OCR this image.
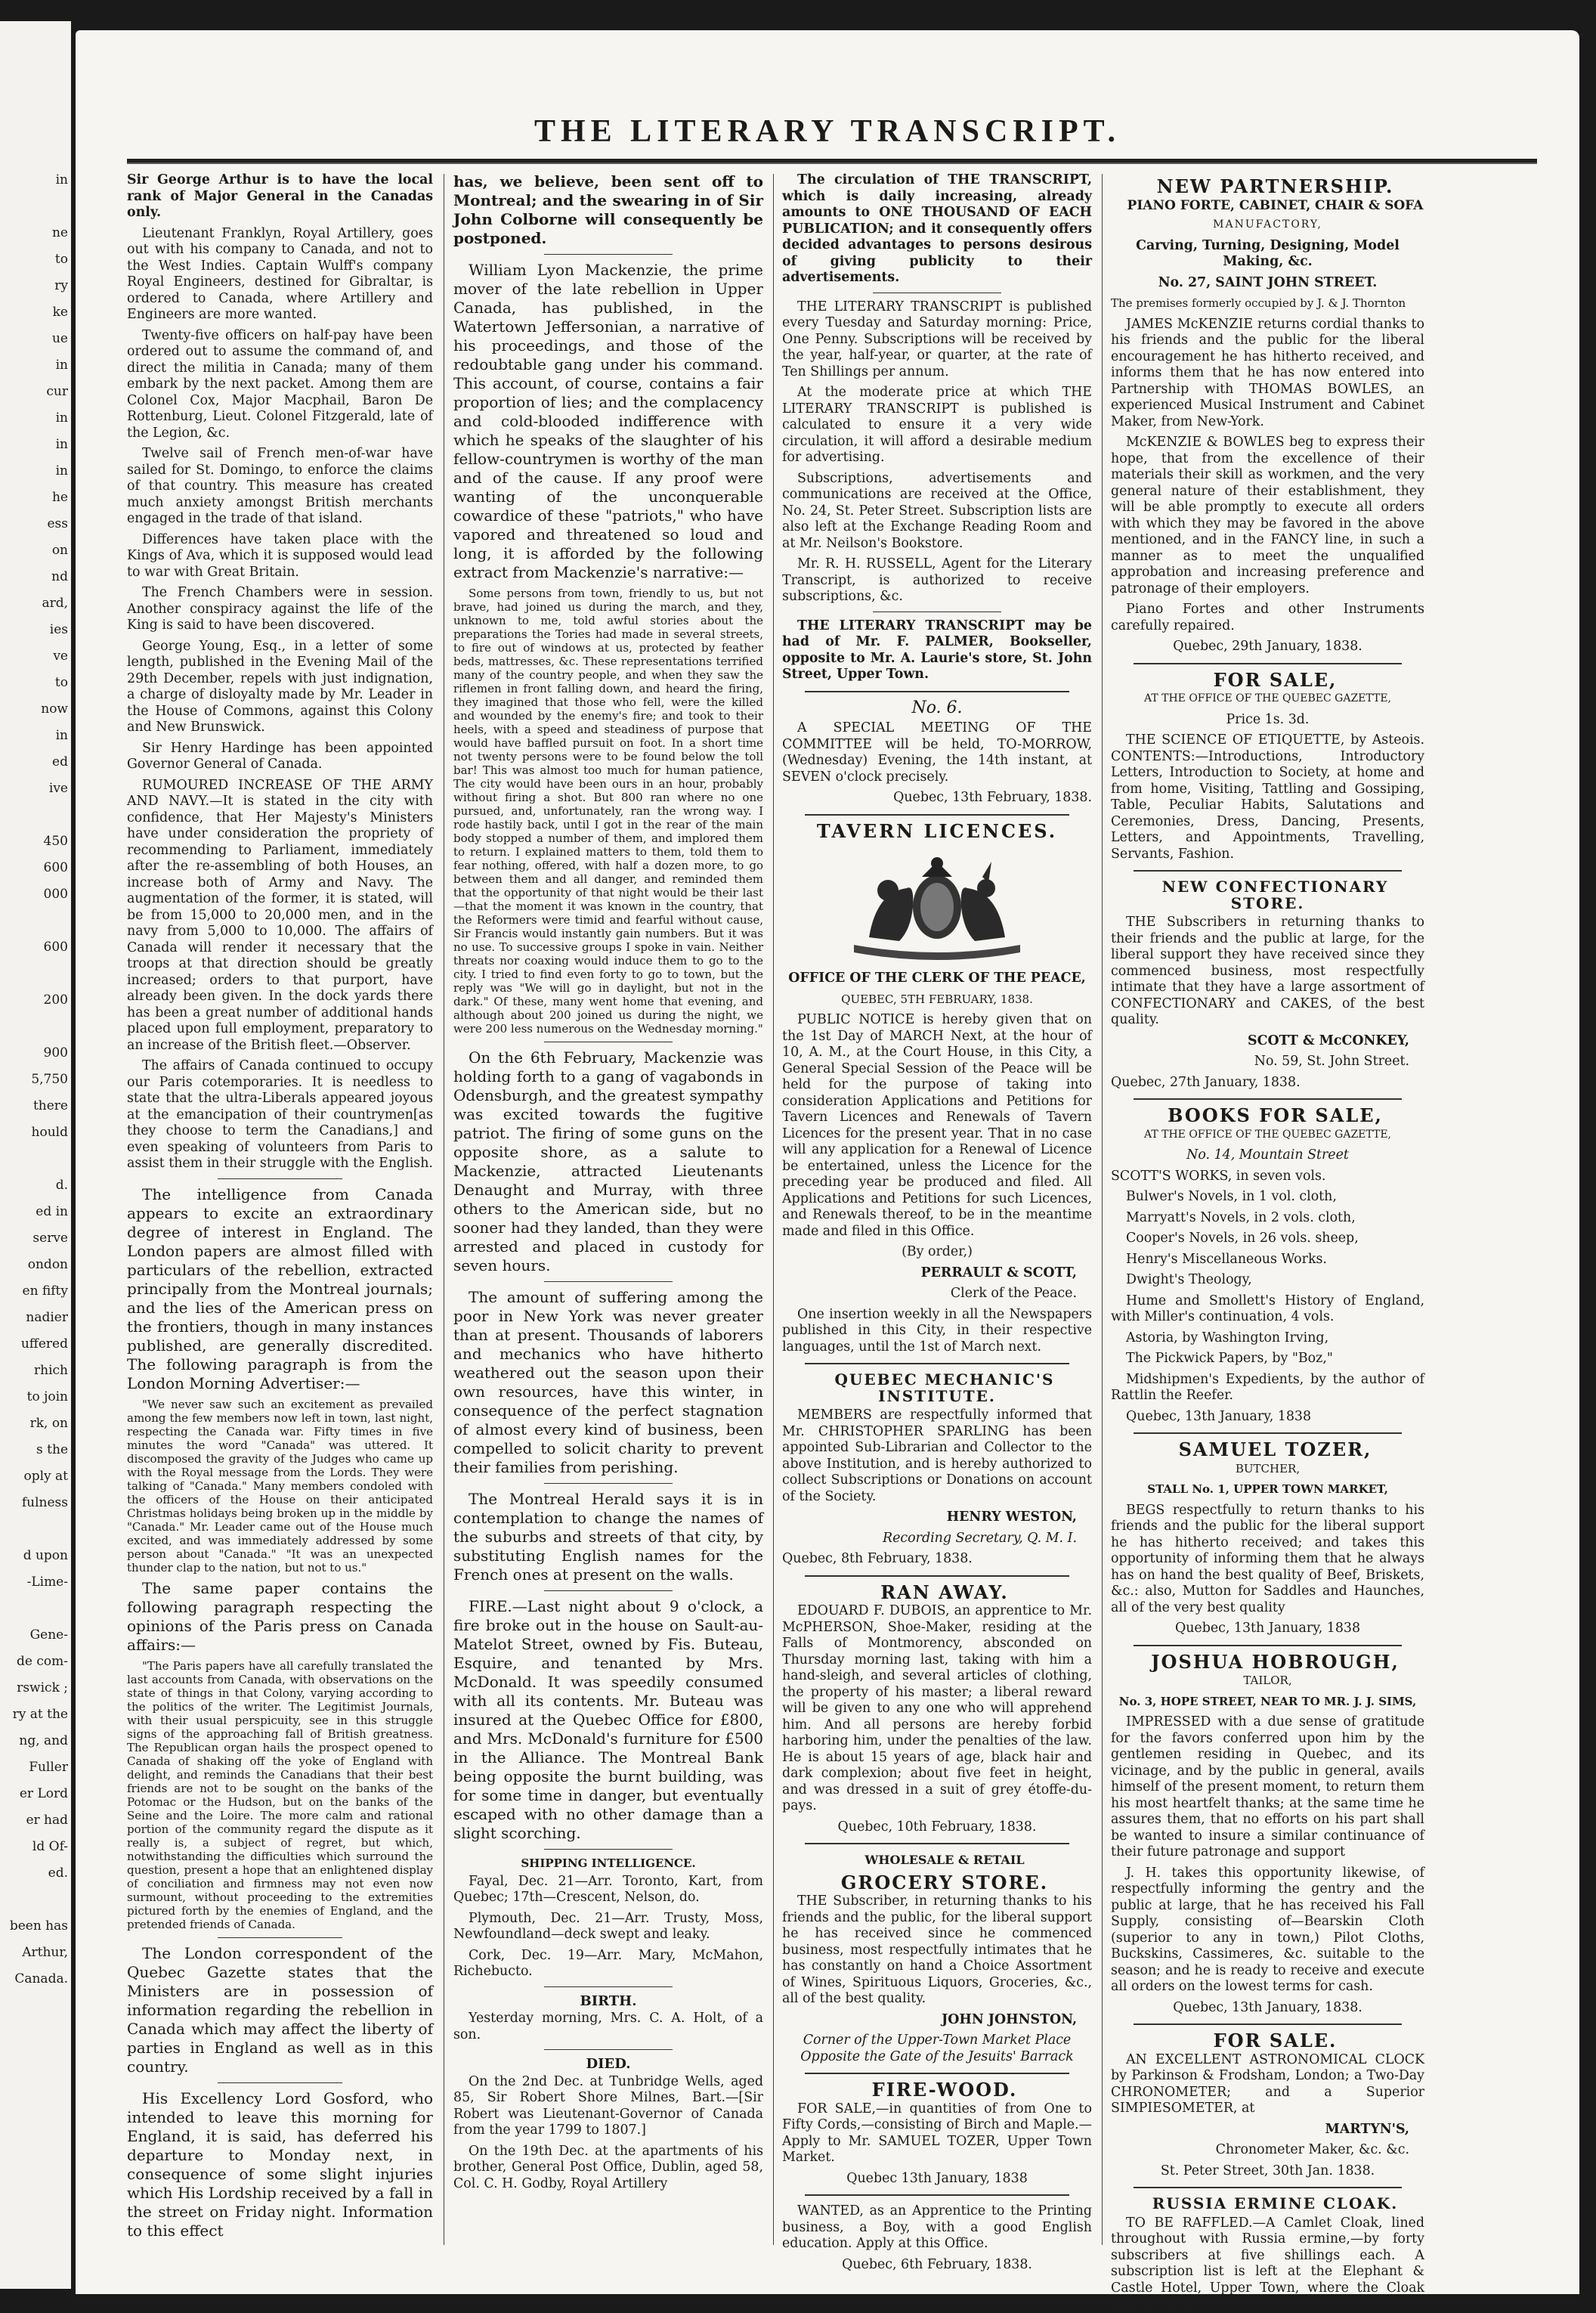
in
ne
to
ry
ke
ue
in
cur
in
in
in
he
ess
on
nd
ard,
ies
ve
to
now
in
ed
ive
450
600
000
600
200
900
5,750
there
hould
d.
ed in
serve
ondon
en fifty
nadier
uffered
rhich
to join
rk, on
s the
oply at
fulness
d upon
-Lime-
Gene-
de com-
rswick ;
ry at the
ng, and
Fuller
er Lord
er had
ld Of-
ed.
been has
Arthur,
Canada.
THE LITERARY TRANSCRIPT.

Sir George Arthur is to have the local rank of Major General in the Canadas only.

Lieutenant Franklyn, Royal Artillery, goes out with his company to Canada, and not to the West Indies. Captain Wulff's company Royal Engineers, destined for Gibraltar, is ordered to Canada, where Artillery and Engineers are more wanted.

Twenty-five officers on half-pay have been ordered out to assume the command of, and direct the militia in Canada; many of them embark by the next packet. Among them are Colonel Cox, Major Macphail, Baron De Rottenburg, Lieut. Colonel Fitzgerald, late of the Legion, &c.

Twelve sail of French men-of-war have sailed for St. Domingo, to enforce the claims of that country. This measure has created much anxiety amongst British merchants engaged in the trade of that island.

Differences have taken place with the Kings of Ava, which it is supposed would lead to war with Great Britain.

The French Chambers were in session. Another conspiracy against the life of the King is said to have been discovered.

George Young, Esq., in a letter of some length, published in the Evening Mail of the 29th December, repels with just indignation, a charge of disloyalty made by Mr. Leader in the House of Commons, against this Colony and New Brunswick.

Sir Henry Hardinge has been appointed Governor General of Canada.

RUMOURED INCREASE OF THE ARMY AND NAVY.—It is stated in the city with confidence, that Her Majesty's Ministers have under consideration the propriety of recommending to Parliament, immediately after the re-assembling of both Houses, an increase both of Army and Navy. The augmentation of the former, it is stated, will be from 15,000 to 20,000 men, and in the navy from 5,000 to 10,000. The affairs of Canada will render it necessary that the troops at that direction should be greatly increased; orders to that purport, have already been given. In the dock yards there has been a great number of additional hands placed upon full employment, preparatory to an increase of the British fleet.—Observer.

The affairs of Canada continued to occupy our Paris cotemporaries. It is needless to state that the ultra-Liberals appeared joyous at the emancipation of their countrymen[as they choose to term the Canadians,] and even speaking of volunteers from Paris to assist them in their struggle with the English.

The intelligence from Canada appears to excite an extraordinary degree of interest in England. The London papers are almost filled with particulars of the rebellion, extracted principally from the Montreal journals; and the lies of the American press on the frontiers, though in many instances published, are generally discredited. The following paragraph is from the London Morning Advertiser:—

"We never saw such an excitement as prevailed among the few members now left in town, last night, respecting the Canada war. Fifty times in five minutes the word "Canada" was uttered. It discomposed the gravity of the Judges who came up with the Royal message from the Lords. They were talking of "Canada." Many members condoled with the officers of the House on their anticipated Christmas holidays being broken up in the middle by "Canada." Mr. Leader came out of the House much excited, and was immediately addressed by some person about "Canada." "It was an unexpected thunder clap to the nation, but not to us."

The same paper contains the following paragraph respecting the opinions of the Paris press on Canada affairs:—

"The Paris papers have all carefully translated the last accounts from Canada, with observations on the state of things in that Colony, varying according to the politics of the writer. The Legitimist Journals, with their usual perspicuity, see in this struggle signs of the approaching fall of British greatness. The Republican organ hails the prospect opened to Canada of shaking off the yoke of England with delight, and reminds the Canadians that their best friends are not to be sought on the banks of the Potomac or the Hudson, but on the banks of the Seine and the Loire. The more calm and rational portion of the community regard the dispute as it really is, a subject of regret, but which, notwithstanding the difficulties which surround the question, present a hope that an enlightened display of conciliation and firmness may not even now surmount, without proceeding to the extremities pictured forth by the enemies of England, and the pretended friends of Canada.

The London correspondent of the Quebec Gazette states that the Ministers are in possession of information regarding the rebellion in Canada which may affect the liberty of parties in England as well as in this country.

His Excellency Lord Gosford, who intended to leave this morning for England, it is said, has deferred his departure to Monday next, in consequence of some slight injuries which His Lordship received by a fall in the street on Friday night. Information to this effect

has, we believe, been sent off to Montreal; and the swearing in of Sir John Colborne will consequently be postponed.

William Lyon Mackenzie, the prime mover of the late rebellion in Upper Canada, has published, in the Watertown Jeffersonian, a narrative of his proceedings, and those of the redoubtable gang under his command. This account, of course, contains a fair proportion of lies; and the complacency and cold-blooded indifference with which he speaks of the slaughter of his fellow-countrymen is worthy of the man and of the cause. If any proof were wanting of the unconquerable cowardice of these "patriots," who have vapored and threatened so loud and long, it is afforded by the following extract from Mackenzie's narrative:—

Some persons from town, friendly to us, but not brave, had joined us during the march, and they, unknown to me, told awful stories about the preparations the Tories had made in several streets, to fire out of windows at us, protected by feather beds, mattresses, &c. These representations terrified many of the country people, and when they saw the riflemen in front falling down, and heard the firing, they imagined that those who fell, were the killed and wounded by the enemy's fire; and took to their heels, with a speed and steadiness of purpose that would have baffled pursuit on foot. In a short time not twenty persons were to be found below the toll bar! This was almost too much for human patience, The city would have been ours in an hour, probably without firing a shot. But 800 ran where no one pursued, and, unfortunately, ran the wrong way. I rode hastily back, until I got in the rear of the main body stopped a number of them, and implored them to return. I explained matters to them, told them to fear nothing, offered, with half a dozen more, to go between them and all danger, and reminded them that the opportunity of that night would be their last—that the moment it was known in the country, that the Reformers were timid and fearful without cause, Sir Francis would instantly gain numbers. But it was no use. To successive groups I spoke in vain. Neither threats nor coaxing would induce them to go to the city. I tried to find even forty to go to town, but the reply was "We will go in daylight, but not in the dark." Of these, many went home that evening, and although about 200 joined us during the night, we were 200 less numerous on the Wednesday morning."

On the 6th February, Mackenzie was holding forth to a gang of vagabonds in Odensburgh, and the greatest sympathy was excited towards the fugitive patriot. The firing of some guns on the opposite shore, as a salute to Mackenzie, attracted Lieutenants Denaught and Murray, with three others to the American side, but no sooner had they landed, than they were arrested and placed in custody for seven hours.

The amount of suffering among the poor in New York was never greater than at present. Thousands of laborers and mechanics who have hitherto weathered out the season upon their own resources, have this winter, in consequence of the perfect stagnation of almost every kind of business, been compelled to solicit charity to prevent their families from perishing.

The Montreal Herald says it is in contemplation to change the names of the suburbs and streets of that city, by substituting English names for the French ones at present on the walls.

FIRE.—Last night about 9 o'clock, a fire broke out in the house on Sault-au-Matelot Street, owned by Fis. Buteau, Esquire, and tenanted by Mrs. McDonald. It was speedily consumed with all its contents. Mr. Buteau was insured at the Quebec Office for £800, and Mrs. McDonald's furniture for £500 in the Alliance. The Montreal Bank being opposite the burnt building, was for some time in danger, but eventually escaped with no other damage than a slight scorching.

SHIPPING INTELLIGENCE.

Fayal, Dec. 21—Arr. Toronto, Kart, from Quebec; 17th—Crescent, Nelson, do.

Plymouth, Dec. 21—Arr. Trusty, Moss, Newfoundland—deck swept and leaky.

Cork, Dec. 19—Arr. Mary, McMahon, Richebucto.

BIRTH.

Yesterday morning, Mrs. C. A. Holt, of a son.

DIED.

On the 2nd Dec. at Tunbridge Wells, aged 85, Sir Robert Shore Milnes, Bart.—[Sir Robert was Lieutenant-Governor of Canada from the year 1799 to 1807.]

On the 19th Dec. at the apartments of his brother, General Post Office, Dublin, aged 58, Col. C. H. Godby, Royal Artillery

The circulation of THE TRANSCRIPT, which is daily increasing, already amounts to ONE THOUSAND OF EACH PUBLICATION; and it consequently offers decided advantages to persons desirous of giving publicity to their advertisements.

THE LITERARY TRANSCRIPT is published every Tuesday and Saturday morning: Price, One Penny. Subscriptions will be received by the year, half-year, or quarter, at the rate of Ten Shillings per annum.

At the moderate price at which THE LITERARY TRANSCRIPT is published is calculated to ensure it a very wide circulation, it will afford a desirable medium for advertising.

Subscriptions, advertisements and communications are received at the Office, No. 24, St. Peter Street. Subscription lists are also left at the Exchange Reading Room and at Mr. Neilson's Bookstore.

Mr. R. H. RUSSELL, Agent for the Literary Transcript, is authorized to receive subscriptions, &c.

THE LITERARY TRANSCRIPT may be had of Mr. F. PALMER, Bookseller, opposite to Mr. A. Laurie's store, St. John Street, Upper Town.

No. 6.

A SPECIAL MEETING OF THE COMMITTEE will be held, TO-MORROW, (Wednesday) Evening, the 14th instant, at SEVEN o'clock precisely.

Quebec, 13th February, 1838.

TAVERN LICENCES.

OFFICE OF THE CLERK OF THE PEACE,

QUEBEC, 5TH FEBRUARY, 1838.

PUBLIC NOTICE is hereby given that on the 1st Day of MARCH Next, at the hour of 10, A. M., at the Court House, in this City, a General Special Session of the Peace will be held for the purpose of taking into consideration Applications and Petitions for Tavern Licences and Renewals of Tavern Licences for the present year. That in no case will any application for a Renewal of Licence be entertained, unless the Licence for the preceding year be produced and filed. All Applications and Petitions for such Licences, and Renewals thereof, to be in the meantime made and filed in this Office.

(By order,)

PERRAULT & SCOTT,

Clerk of the Peace.

One insertion weekly in all the Newspapers published in this City, in their respective languages, until the 1st of March next.

QUEBEC MECHANIC'S INSTITUTE.

MEMBERS are respectfully informed that Mr. CHRISTOPHER SPARLING has been appointed Sub-Librarian and Collector to the above Institution, and is hereby authorized to collect Subscriptions or Donations on account of the Society.

HENRY WESTON,

Recording Secretary, Q. M. I.

Quebec, 8th February, 1838.

RAN AWAY.

EDOUARD F. DUBOIS, an apprentice to Mr. McPHERSON, Shoe-Maker, residing at the Falls of Montmorency, absconded on Thursday morning last, taking with him a hand-sleigh, and several articles of clothing, the property of his master; a liberal reward will be given to any one who will apprehend him. And all persons are hereby forbid harboring him, under the penalties of the law. He is about 15 years of age, black hair and dark complexion; about five feet in height, and was dressed in a suit of grey étoffe-du-pays.

Quebec, 10th February, 1838.

WHOLESALE & RETAIL

GROCERY STORE.

THE Subscriber, in returning thanks to his friends and the public, for the liberal support he has received since he commenced business, most respectfully intimates that he has constantly on hand a Choice Assortment of Wines, Spirituous Liquors, Groceries, &c., all of the best quality.

JOHN JOHNSTON,

Corner of the Upper-Town Market Place Opposite the Gate of the Jesuits' Barrack

FIRE-WOOD.

FOR SALE,—in quantities of from One to Fifty Cords,—consisting of Birch and Maple.—Apply to Mr. SAMUEL TOZER, Upper Town Market.

Quebec 13th January, 1838

WANTED, as an Apprentice to the Printing business, a Boy, with a good English education. Apply at this Office.

Quebec, 6th February, 1838.

NEW PARTNERSHIP.

PIANO FORTE, CABINET, CHAIR & SOFA

MANUFACTORY,

Carving, Turning, Designing, Model Making, &c.

No. 27, SAINT JOHN STREET.

The premises formerly occupied by J. & J. Thornton

JAMES McKENZIE returns cordial thanks to his friends and the public for the liberal encouragement he has hitherto received, and informs them that he has now entered into Partnership with THOMAS BOWLES, an experienced Musical Instrument and Cabinet Maker, from New-York.

McKENZIE & BOWLES beg to express their hope, that from the excellence of their materials their skill as workmen, and the very general nature of their establishment, they will be able promptly to execute all orders with which they may be favored in the above mentioned, and in the FANCY line, in such a manner as to meet the unqualified approbation and increasing preference and patronage of their employers.

Piano Fortes and other Instruments carefully repaired.

Quebec, 29th January, 1838.

FOR SALE,

AT THE OFFICE OF THE QUEBEC GAZETTE,

Price 1s. 3d.

THE SCIENCE OF ETIQUETTE, by Asteois. CONTENTS:—Introductions, Introductory Letters, Introduction to Society, at home and from home, Visiting, Tattling and Gossiping, Table, Peculiar Habits, Salutations and Ceremonies, Dress, Dancing, Presents, Letters, and Appointments, Travelling, Servants, Fashion.

NEW CONFECTIONARY STORE.

THE Subscribers in returning thanks to their friends and the public at large, for the liberal support they have received since they commenced business, most respectfully intimate that they have a large assortment of CONFECTIONARY and CAKES, of the best quality.

SCOTT & McCONKEY,

No. 59, St. John Street.

Quebec, 27th January, 1838.

BOOKS FOR SALE,

AT THE OFFICE OF THE QUEBEC GAZETTE,

No. 14, Mountain Street

SCOTT'S WORKS, in seven vols.

Bulwer's Novels, in 1 vol. cloth,

Marryatt's Novels, in 2 vols. cloth,

Cooper's Novels, in 26 vols. sheep,

Henry's Miscellaneous Works.

Dwight's Theology,

Hume and Smollett's History of England, with Miller's continuation, 4 vols.

Astoria, by Washington Irving,

The Pickwick Papers, by "Boz,"

Midshipmen's Expedients, by the author of Rattlin the Reefer.

Quebec, 13th January, 1838

SAMUEL TOZER,

BUTCHER,

STALL No. 1, UPPER TOWN MARKET,

BEGS respectfully to return thanks to his friends and the public for the liberal support he has hitherto received; and takes this opportunity of informing them that he always has on hand the best quality of Beef, Briskets, &c.: also, Mutton for Saddles and Haunches, all of the very best quality

Quebec, 13th January, 1838

JOSHUA HOBROUGH,

TAILOR,

No. 3, HOPE STREET, NEAR TO MR. J. J. SIMS,

IMPRESSED with a due sense of gratitude for the favors conferred upon him by the gentlemen residing in Quebec, and its vicinage, and by the public in general, avails himself of the present moment, to return them his most heartfelt thanks; at the same time he assures them, that no efforts on his part shall be wanted to insure a similar continuance of their future patronage and support

J. H. takes this opportunity likewise, of respectfully informing the gentry and the public at large, that he has received his Fall Supply, consisting of—Bearskin Cloth (superior to any in town,) Pilot Cloths, Buckskins, Cassimeres, &c. suitable to the season; and he is ready to receive and execute all orders on the lowest terms for cash.

Quebec, 13th January, 1838.

FOR SALE.

AN EXCELLENT ASTRONOMICAL CLOCK by Parkinson & Frodsham, London; a Two-Day CHRONOMETER; and a Superior SIMPIESOMETER, at

MARTYN'S,

Chronometer Maker, &c. &c.

St. Peter Street, 30th Jan. 1838.

RUSSIA ERMINE CLOAK.

TO BE RAFFLED.—A Camlet Cloak, lined throughout with Russia ermine,—by forty subscribers at five shillings each. A subscription list is left at the Elephant & Castle Hotel, Upper Town, where the Cloak may be seen.
